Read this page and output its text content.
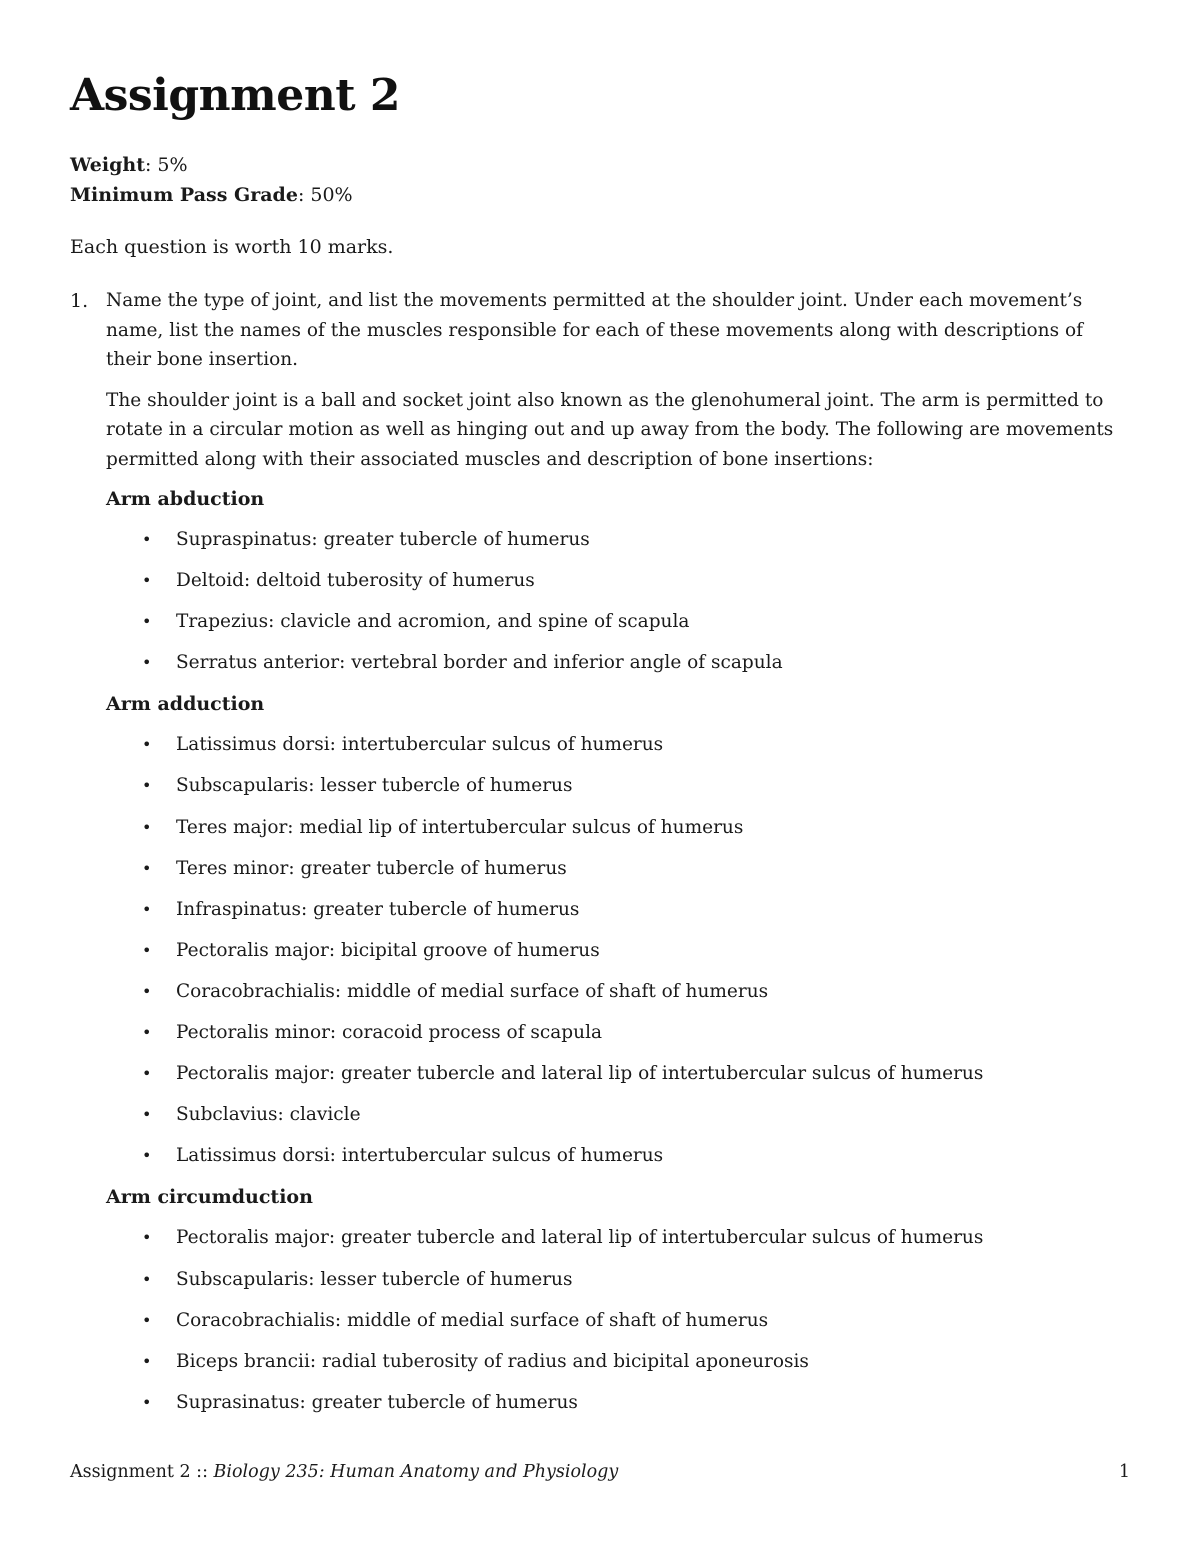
Assignment 2
Weight: 5%
Minimum Pass Grade: 50%

Each question is worth 10 marks.

1. Name the type of joint, and list the movements permitted at the shoulder joint. Under each movement’s name, list the names of the muscles responsible for each of these movements along with descriptions of their bone insertion.

The shoulder joint is a ball and socket joint also known as the glenohumeral joint. The arm is permitted to rotate in a circular motion as well as hinging out and up away from the body. The following are movements permitted along with their associated muscles and description of bone insertions:

Arm abduction
• Supraspinatus: greater tubercle of humerus
• Deltoid: deltoid tuberosity of humerus
• Trapezius: clavicle and acromion, and spine of scapula
• Serratus anterior: vertebral border and inferior angle of scapula
Arm adduction
• Latissimus dorsi: intertubercular sulcus of humerus
• Subscapularis: lesser tubercle of humerus
• Teres major: medial lip of intertubercular sulcus of humerus
• Teres minor: greater tubercle of humerus
• Infraspinatus: greater tubercle of humerus
• Pectoralis major: bicipital groove of humerus
• Coracobrachialis: middle of medial surface of shaft of humerus
• Pectoralis minor: coracoid process of scapula
• Pectoralis major: greater tubercle and lateral lip of intertubercular sulcus of humerus
• Subclavius: clavicle
• Latissimus dorsi: intertubercular sulcus of humerus
Arm circumduction
• Pectoralis major: greater tubercle and lateral lip of intertubercular sulcus of humerus
• Subscapularis: lesser tubercle of humerus
• Coracobrachialis: middle of medial surface of shaft of humerus
• Biceps brancii: radial tuberosity of radius and bicipital aponeurosis
• Suprasinatus: greater tubercle of humerus
Assignment 2 :: Biology 235: Human Anatomy and Physiology	1
